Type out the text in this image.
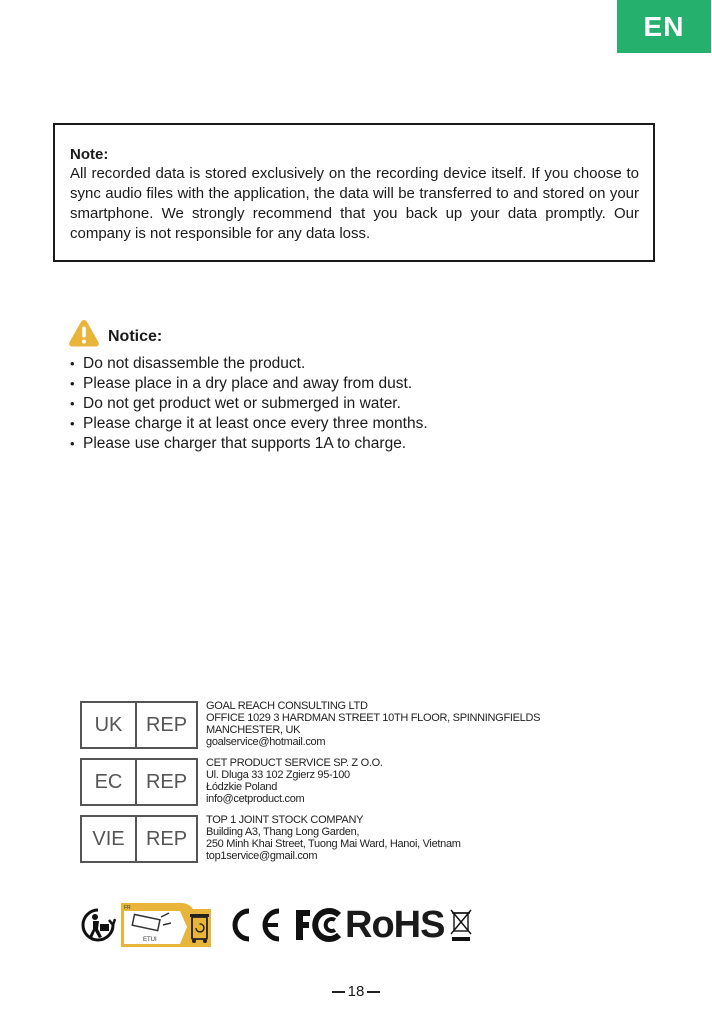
EN
Note:
All recorded data is stored exclusively on the recording device itself. If you choose to sync audio files with the application, the data will be transferred to and stored on your smartphone. We strongly recommend that you back up your data promptly. Our company is not responsible for any data loss.
Notice:
• Do not disassemble the product.
• Please place in a dry place and away from dust.
• Do not get product wet or submerged in water.
• Please charge it at least once every three months.
• Please use charger that supports 1A to charge.
UK	REP
GOAL REACH CONSULTING LTD
OFFICE 1029 3 HARDMAN STREET 10TH FLOOR, SPINNINGFIELDS
MANCHESTER, UK
goalservice@hotmail.com
EC	REP
CET PRODUCT SERVICE SP. Z O.O.
Ul. Dluga 33 102 Zgierz 95-100
Łódzkie Poland
info@cetproduct.com
VIE	REP
TOP 1 JOINT STOCK COMPANY
Building A3, Thang Long Garden,
250 Minh Khai Street, Tuong Mai Ward, Hanoi, Vietnam
top1service@gmail.com
FR
ETUI	RoHS
18
